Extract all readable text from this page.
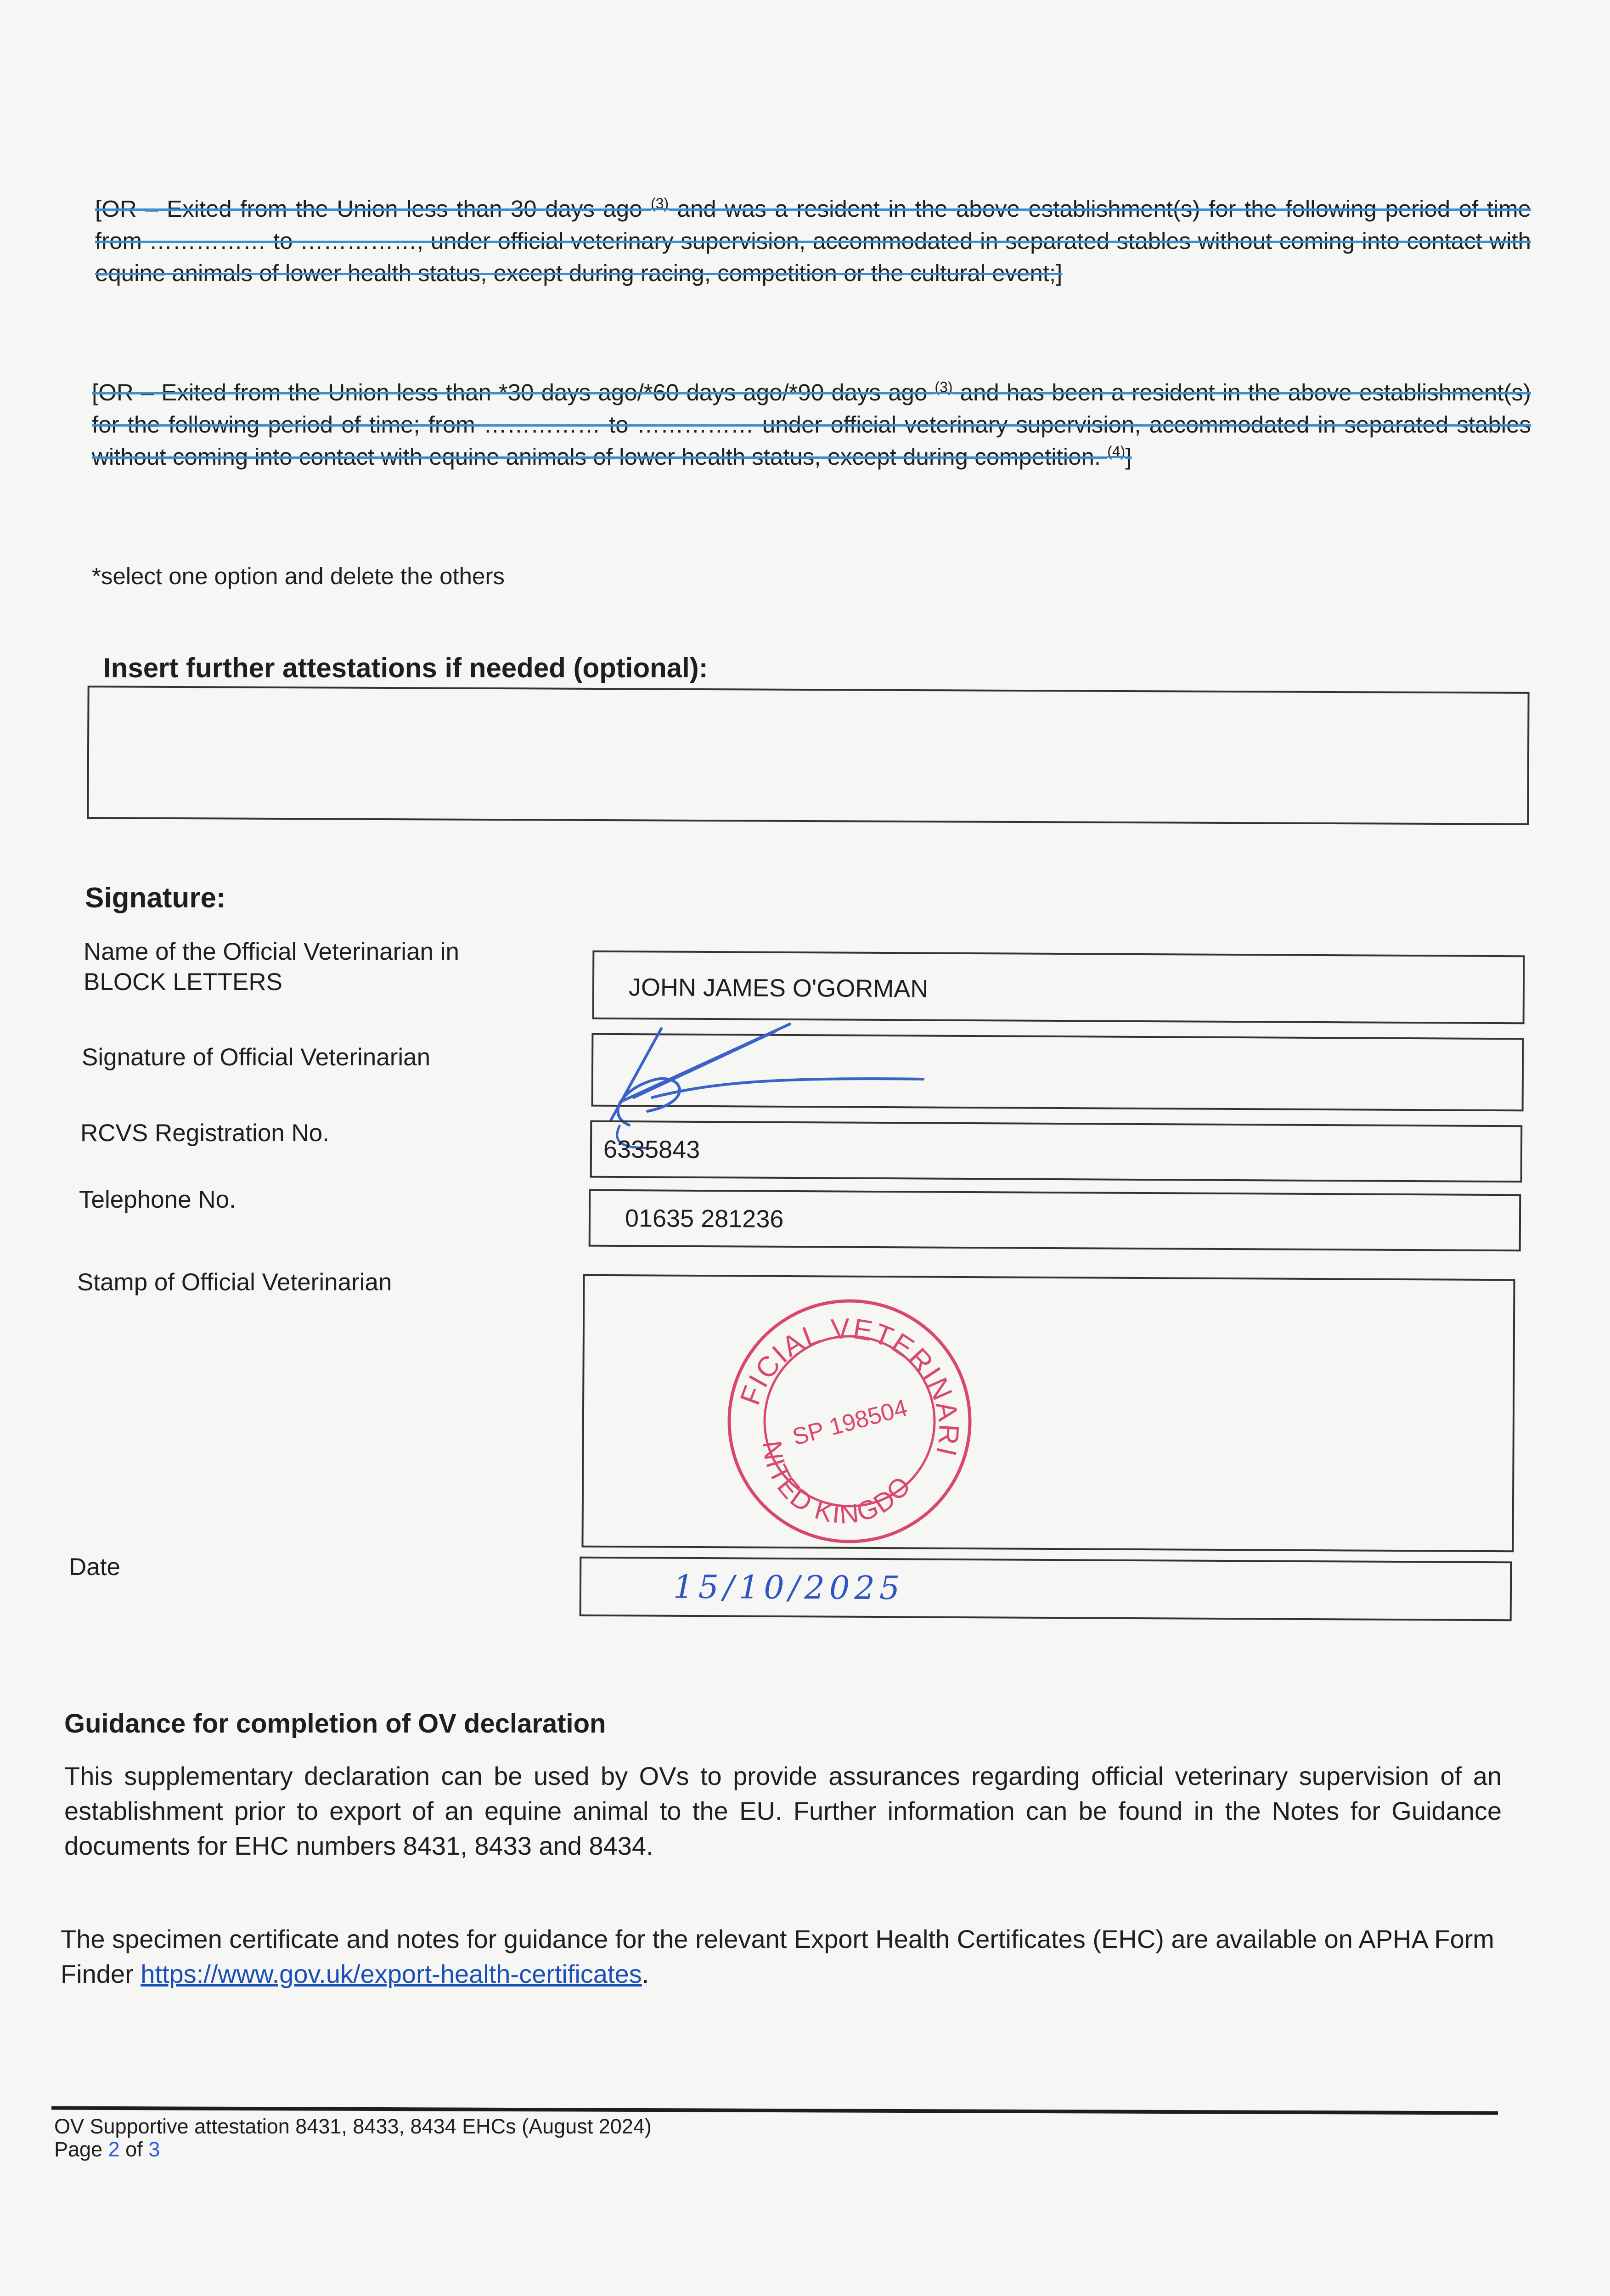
[OR – Exited from the Union less than 30 days ago $^{(3)}$ and was a resident in the above establishment(s) for the following period of time from …………… to ……………, under official veterinary supervision, accommodated in separated stables without coming into contact with equine animals of lower health status, except during racing, competition or the cultural event;]
[OR – Exited from the Union less than *30 days ago/*60 days ago/*90 days ago $^{(3)}$ and has been a resident in the above establishment(s) for the following period of time; from …………… to …………… under official veterinary supervision, accommodated in separated stables without coming into contact with equine animals of lower health status, except during competition. $^{(4)}$]
*select one option and delete the others
Insert further attestations if needed (optional):
Signature:
Name of the Official Veterinarian in BLOCK LETTERS	JOHN JAMES O'GORMAN
Signature of Official Veterinarian
RCVS Registration No.
6335843
Telephone No.
01635 281236
Stamp of Official Veterinarian
OFFICIAL VETERINARIAN
UNITED KINGDOM
SP 198504
Date
15/10/2025
Guidance for completion of OV declaration
This supplementary declaration can be used by OVs to provide assurances regarding official veterinary supervision of an establishment prior to export of an equine animal to the EU. Further information can be found in the Notes for Guidance documents for EHC numbers 8431, 8433 and 8434.
The specimen certificate and notes for guidance for the relevant Export Health Certificates (EHC) are available on APHA Form Finder https://www.gov.uk/export-health-certificates.
OV Supportive attestation 8431, 8433, 8434 EHCs (August 2024)
Page 2 of 3
